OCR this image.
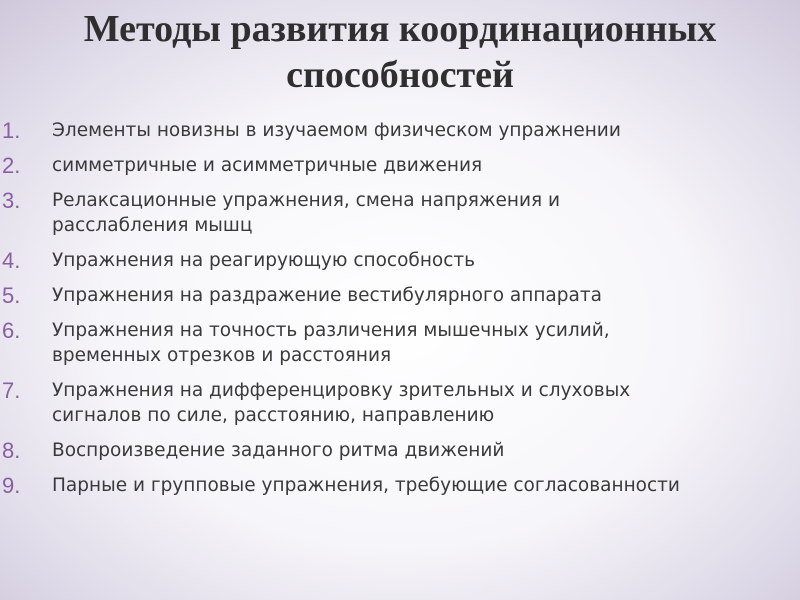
Методы развития координационных
способностей
1. Элементы новизны в изучаемом физическом упражнении
2. симметричные и асимметричные движения
3. Релаксационные упражнения, смена напряжения и
расслабления мышц
4. Упражнения на реагирующую способность
5. Упражнения на раздражение вестибулярного аппарата
6. Упражнения на точность различения мышечных усилий,
временных отрезков и расстояния
7. Упражнения на дифференцировку зрительных и слуховых
сигналов по силе, расстоянию, направлению
8. Воспроизведение заданного ритма движений
9. Парные и групповые упражнения, требующие согласованности
